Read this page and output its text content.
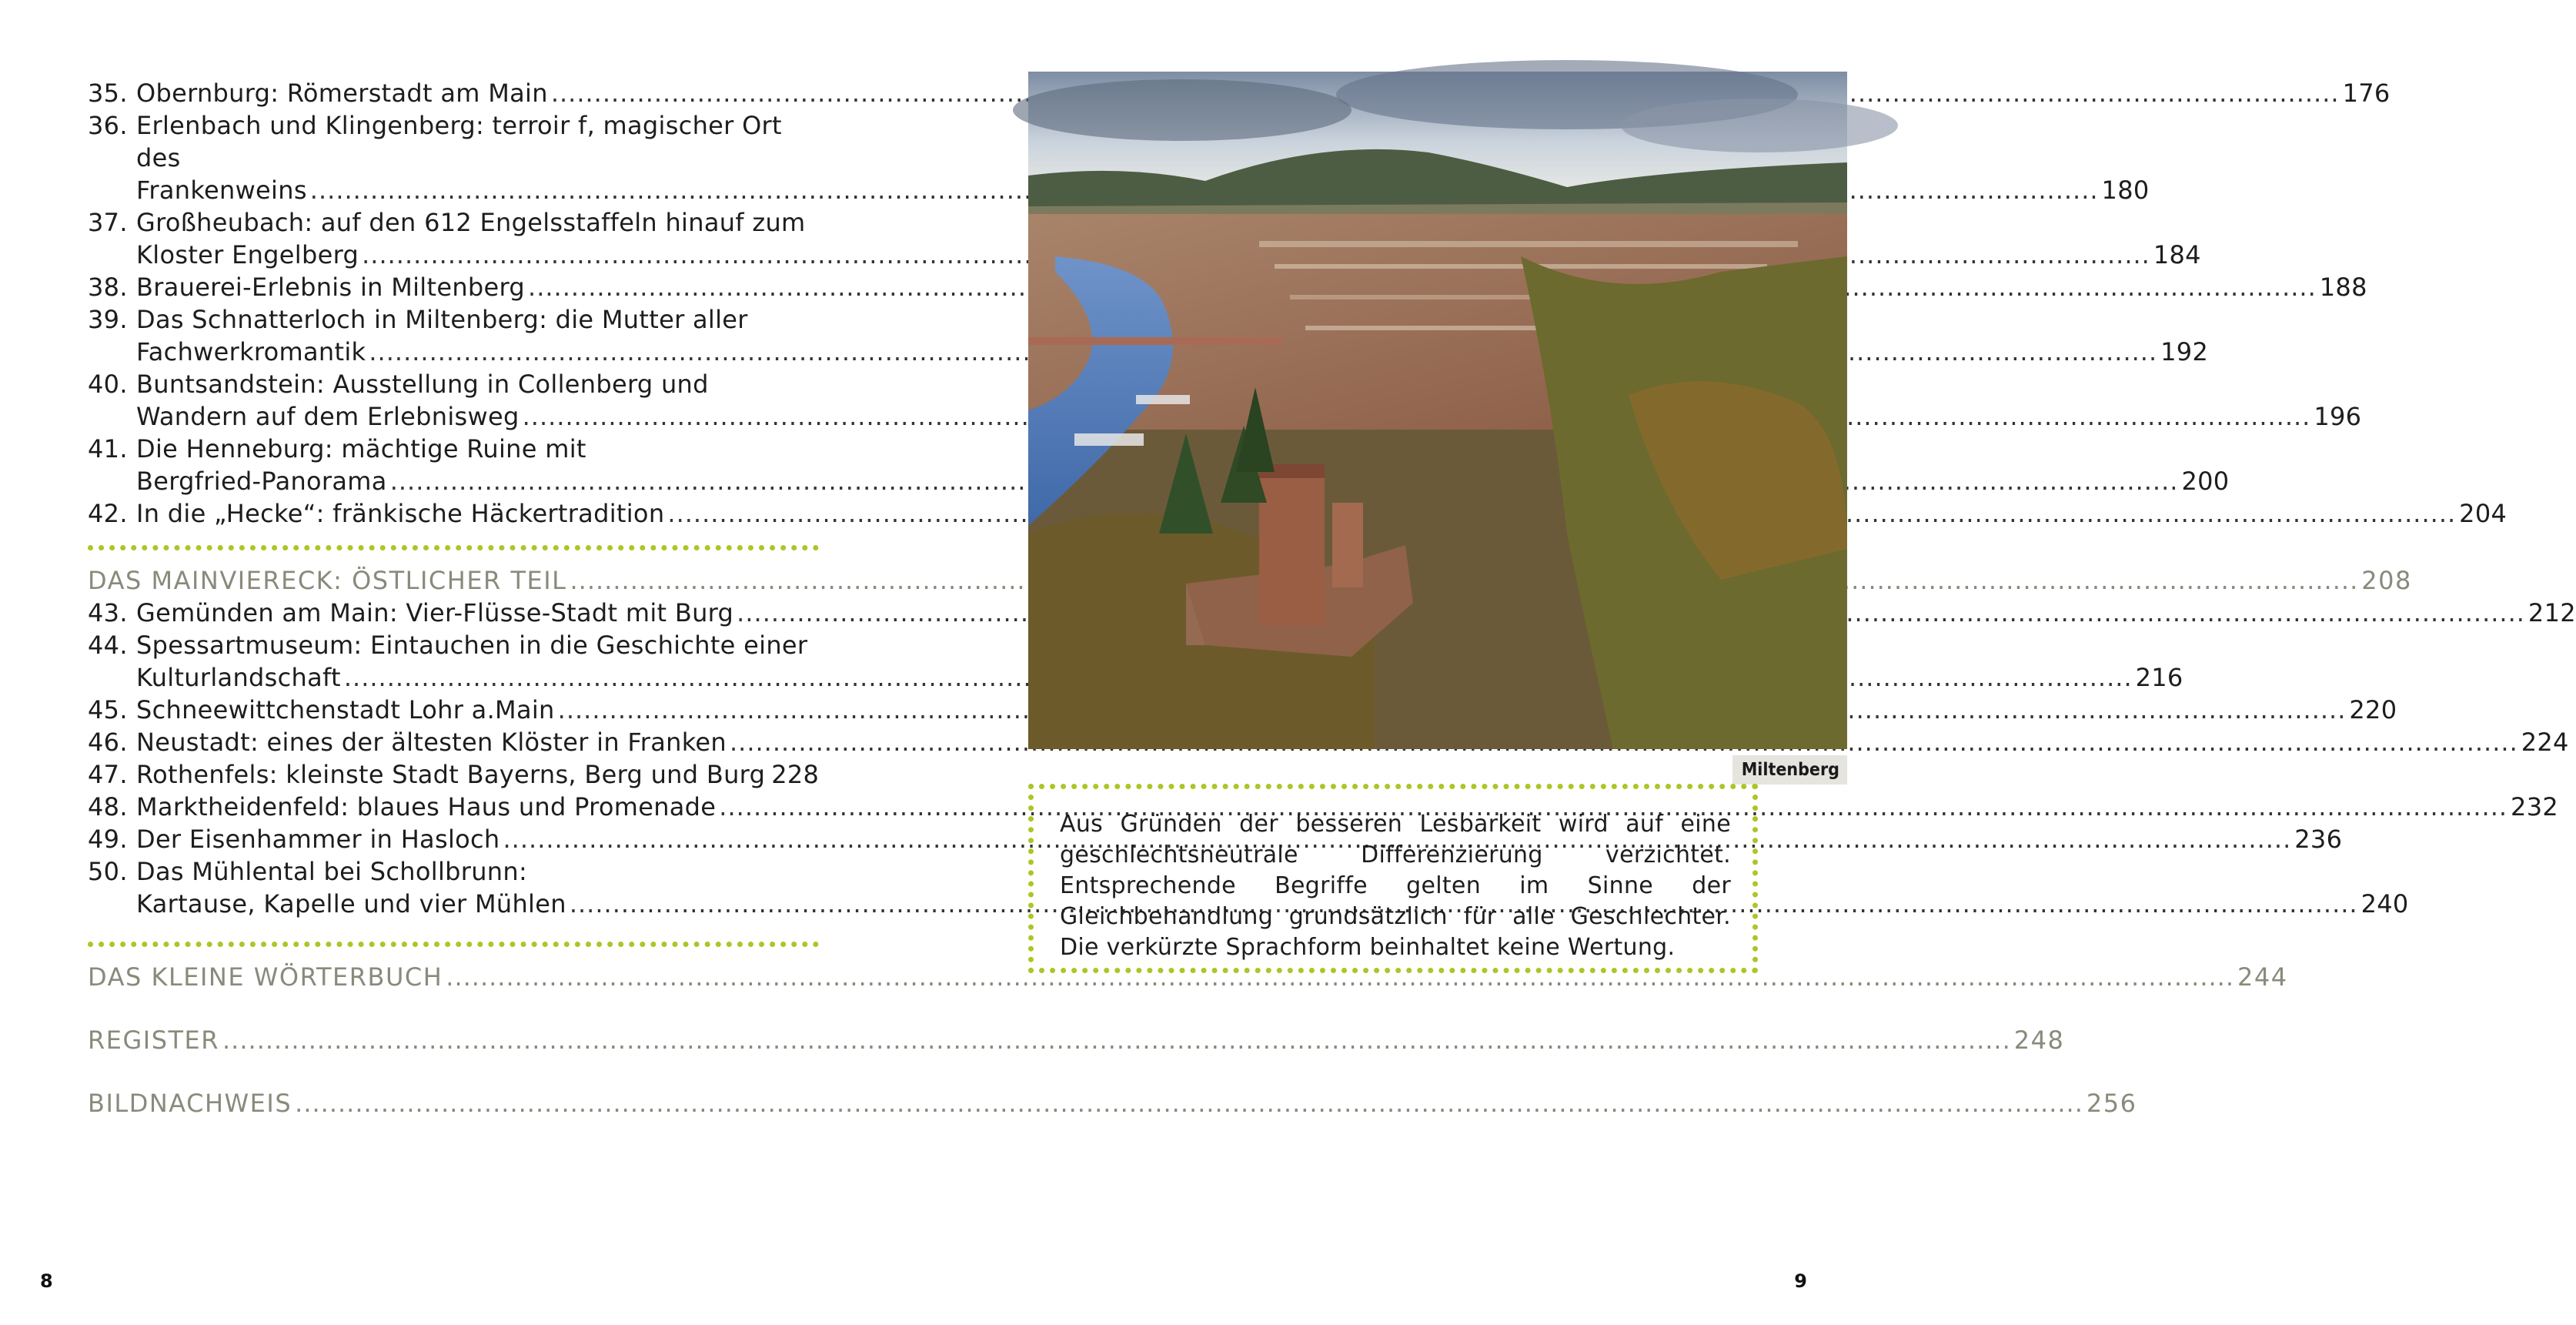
35. Obernburg: Römerstadt am Main .....	176
36. Erlenbach und Klingenberg: terroir f, magischer Ort des
Frankenweins .....	180
37. Großheubach: auf den 612 Engelsstaffeln hinauf zum
Kloster Engelberg .....	184
38. Brauerei-Erlebnis in Miltenberg .....	188
39. Das Schnatterloch in Miltenberg: die Mutter aller
Fachwerkromantik .....	192
40. Buntsandstein: Ausstellung in Collenberg und
Wandern auf dem Erlebnisweg .....	196
41. Die Henneburg: mächtige Ruine mit
Bergfried-Panorama .....	200
42. In die „Hecke“: fränkische Häckertradition .....	204
DAS MAINVIERECK: ÖSTLICHER TEIL .....	208
43. Gemünden am Main: Vier-Flüsse-Stadt mit Burg .....	212
44. Spessartmuseum: Eintauchen in die Geschichte einer
Kulturlandschaft .....	216
45. Schneewittchenstadt Lohr a.Main .....	220
46. Neustadt: eines der ältesten Klöster in Franken .....	224
47. Rothenfels: kleinste Stadt Bayerns, Berg und Burg 228
48. Marktheidenfeld: blaues Haus und Promenade .....	232
49. Der Eisenhammer in Hasloch .....	236
50. Das Mühlental bei Schollbrunn:
Kartause, Kapelle und vier Mühlen .....	240
DAS KLEINE WÖRTERBUCH .....	244
REGISTER .....	248
BILDNACHWEIS .....	256
Miltenberg

Aus Gründen der besseren Lesbarkeit wird auf eine geschlechtsneutrale Differenzierung verzichtet. Entsprechende Begriffe gelten im Sinne der Gleichbehandlung grundsätzlich für alle Geschlechter. Die verkürzte Sprachform beinhaltet keine Wertung.

8	9
